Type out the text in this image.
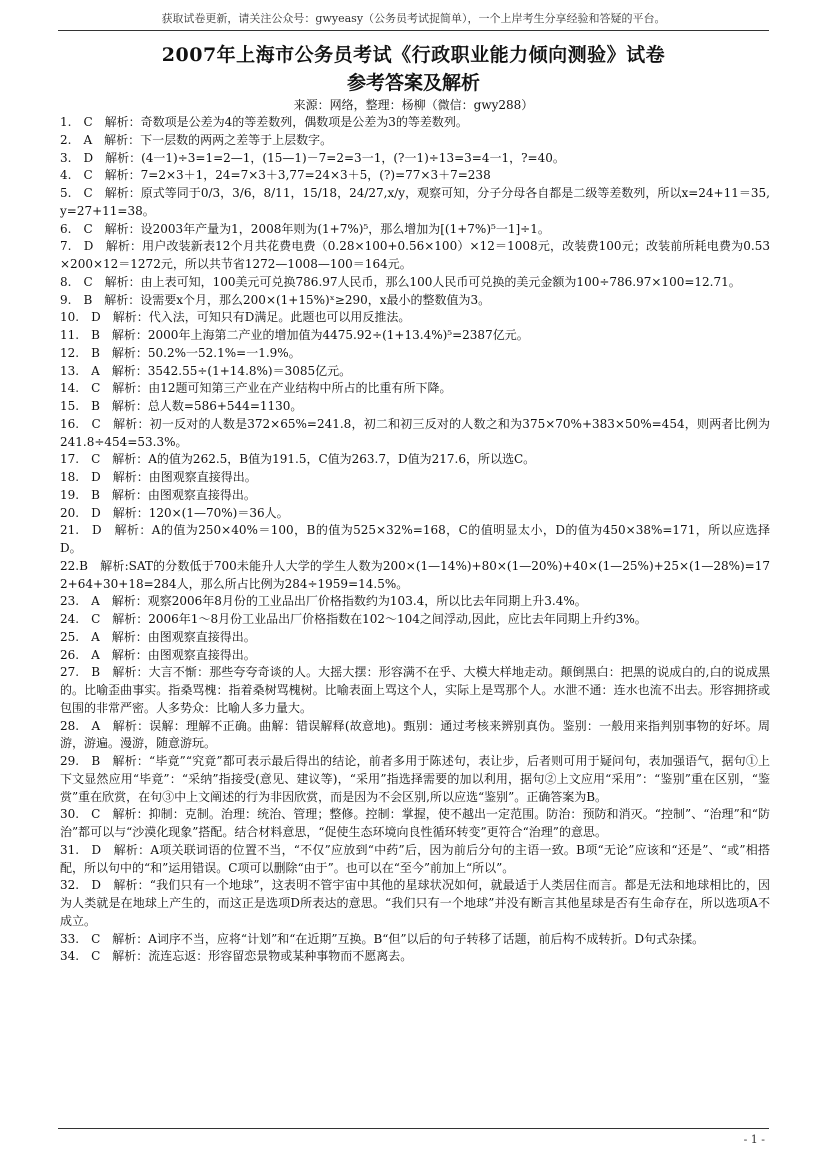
获取试卷更新，请关注公众号：gwyeasy（公务员考试捉简单），一个上岸考生分享经验和答疑的平台。
2007年上海市公务员考试《行政职业能力倾向测验》试卷
参考答案及解析
来源：网络，整理：杨柳（微信：gwy288）

1.　C　解析：奇数项是公差为4的等差数列，偶数项是公差为3的等差数列。

2.　A　解析：下一层数的两两之差等于上层数字。

3.　D　解析：(4一1)÷3=1=2—1，(15—1)－7=2=3一1，(?一1)÷13=3=4一1，?=40。

4.　C　解析：7=2×3＋1，24=7×3＋3,77=24×3＋5，(?)=77×3＋7=238

5.　C　解析：原式等同于0/3，3/6，8/11，15/18，24/27,x/y，观察可知，分子分母各自都是二级等差数列，所以x=24+11＝35,y=27+11=38。

6.　C　解析：设2003年产量为1，2008年则为(1+7%)⁵，那么增加为[(1+7%)⁵一1]÷1。

7.　D　解析：用户改装新表12个月共花费电费（0.28×100+0.56×100）×12＝1008元，改装费100元；改装前所耗电费为0.53×200×12＝1272元，所以共节省1272—1008—100＝164元。

8.　C　解析：由上表可知，100美元可兑换786.97人民币，那么100人民币可兑换的美元金额为100÷786.97×100=12.71。

9.　B　解析：设需要x个月，那么200×(1+15%)ˣ≥290，x最小的整数值为3。

10.　D　解析：代入法，可知只有D满足。此题也可以用反推法。

11.　B　解析：2000年上海第二产业的增加值为4475.92÷(1+13.4%)⁵=2387亿元。

12.　B　解析：50.2%一52.1%=一1.9%。

13.　A　解析：3542.55÷(1+14.8%)＝3085亿元。

14.　C　解析：由12题可知第三产业在产业结构中所占的比重有所下降。

15.　B　解析：总人数=586+544=1130。

16.　C　解析：初一反对的人数是372×65%=241.8，初二和初三反对的人数之和为375×70%+383×50%=454，则两者比例为241.8÷454=53.3%。

17.　C　解析：A的值为262.5，B值为191.5，C值为263.7，D值为217.6，所以选C。

18.　D　解析：由图观察直接得出。

19.　B　解析：由图观察直接得出。

20.　D　解析：120×(1—70%)＝36人。

21.　D　解析：A的值为250×40%＝100，B的值为525×32%=168，C的值明显太小，D的值为450×38%=171，所以应选择D。

22.B　解析:SAT的分数低于700未能升人大学的学生人数为200×(1—14%)+80×(1—20%)+40×(1—25%)+25×(1—28%)=172+64+30+18=284人，那么所占比例为284÷1959=14.5%。

23.　A　解析：观察2006年8月份的工业品出厂价格指数约为103.4，所以比去年同期上升3.4%。

24.　C　解析：2006年1～8月份工业品出厂价格指数在102～104之间浮动,因此，应比去年同期上升约3%。

25.　A　解析：由图观察直接得出。

26.　A　解析：由图观察直接得出。

27.　B　解析：大言不惭：那些夸夸奇谈的人。大摇大摆：形容满不在乎、大模大样地走动。颠倒黑白：把黑的说成白的,白的说成黑的。比喻歪曲事实。指桑骂槐：指着桑树骂槐树。比喻表面上骂这个人，实际上是骂那个人。水泄不通：连水也流不出去。形容拥挤或包围的非常严密。人多势众：比喻人多力量大。

28.　A　解析：误解：理解不正确。曲解：错误解释(故意地)。甄别：通过考核来辨别真伪。鉴别：一般用来指判别事物的好坏。周游，游遍。漫游，随意游玩。

29.　B　解析：“毕竟”“究竟”都可表示最后得出的结论，前者多用于陈述句，表让步，后者则可用于疑问句，表加强语气，据句①上下文显然应用“毕竟”：“采纳”指接受(意见、建议等)，“采用”指选择需要的加以利用，据句②上文应用“采用”：“鉴别”重在区别，“鉴赏”重在欣赏，在句③中上文阐述的行为非因欣赏，而是因为不会区别,所以应选“鉴别”。正确答案为B。

30.　C　解析：抑制：克制。治理：统治、管理；整修。控制：掌握，使不越出一定范围。防治：预防和消灭。“控制”、“治理”和“防治”都可以与“沙漠化现象”搭配。结合材料意思，“促使生态环境向良性循环转变”更符合“治理”的意思。

31.　D　解析：A项关联词语的位置不当，“不仅”应放到“中药”后，因为前后分句的主语一致。B项“无论”应该和“还是”、“或”相搭配，所以句中的“和”运用错误。C项可以删除“由于”。也可以在“至今”前加上“所以”。

32.　D　解析：“我们只有一个地球”，这表明不管宇宙中其他的星球状况如何，就最适于人类居住而言。都是无法和地球相比的，因为人类就是在地球上产生的，而这正是选项D所表达的意思。“我们只有一个地球”并没有断言其他星球是否有生命存在，所以选项A不成立。

33.　C　解析：A词序不当，应将“计划”和“在近期”互换。B“但”以后的句子转移了话题，前后构不成转折。D句式杂揉。

34.　C　解析：流连忘返：形容留恋景物或某种事物而不愿离去。

- 1 -
